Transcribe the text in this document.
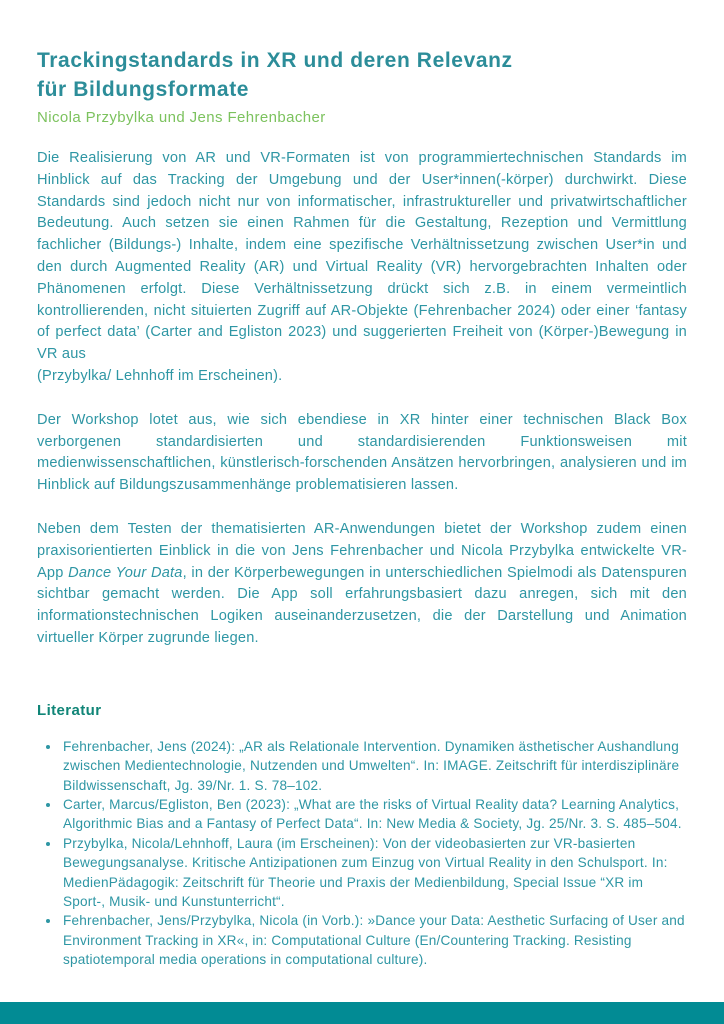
Trackingstandards in XR und deren Relevanz
für Bildungsformate
Nicola Przybylka und Jens Fehrenbacher

Die Realisierung von AR und VR-Formaten ist von programmiertechnischen Standards im Hinblick auf das Tracking der Umgebung und der User*innen(-körper) durchwirkt. Diese Standards sind jedoch nicht nur von informatischer, infrastruktureller und privatwirtschaftlicher Bedeutung. Auch setzen sie einen Rahmen für die Gestaltung, Rezeption und Vermittlung fachlicher (Bildungs-) Inhalte, indem eine spezifische Verhältnissetzung zwischen User*in und den durch Augmented Reality (AR) und Virtual Reality (VR) hervorgebrachten Inhalten oder Phänomenen erfolgt. Diese Verhältnissetzung drückt sich z.B. in einem vermeintlich kontrollierenden, nicht situierten Zugriff auf AR-Objekte (Fehrenbacher 2024) oder einer ‘fantasy of perfect data’ (Carter and Egliston 2023) und suggerierten Freiheit von (Körper-)Bewegung in VR aus
(Przybylka/ Lehnhoff im Erscheinen).

Der Workshop lotet aus, wie sich ebendiese in XR hinter einer technischen Black Box verborgenen standardisierten und standardisierenden Funktionsweisen mit medienwissenschaftlichen, künstlerisch-forschenden Ansätzen hervorbringen, analysieren und im Hinblick auf Bildungszusammenhänge problematisieren lassen.

Neben dem Testen der thematisierten AR-Anwendungen bietet der Workshop zudem einen praxisorientierten Einblick in die von Jens Fehrenbacher und Nicola Przybylka entwickelte VR-App Dance Your Data, in der Körperbewegungen in unterschiedlichen Spielmodi als Datenspuren sichtbar gemacht werden. Die App soll erfahrungsbasiert dazu anregen, sich mit den informationstechnischen Logiken auseinanderzusetzen, die der Darstellung und Animation virtueller Körper zugrunde liegen.

Literatur
• Fehrenbacher, Jens (2024): „AR als Relationale Intervention. Dynamiken ästhetischer Aushandlung zwischen Medientechnologie, Nutzenden und Umwelten“. In: IMAGE. Zeitschrift für interdisziplinäre Bildwissenschaft, Jg. 39/Nr. 1. S. 78–102.
• Carter, Marcus/Egliston, Ben (2023): „What are the risks of Virtual Reality data? Learning Analytics, Algorithmic Bias and a Fantasy of Perfect Data“. In: New Media & Society, Jg. 25/Nr. 3. S. 485–504.
• Przybylka, Nicola/Lehnhoff, Laura (im Erscheinen): Von der videobasierten zur VR-basierten Bewegungsanalyse. Kritische Antizipationen zum Einzug von Virtual Reality in den Schulsport. In: MedienPädagogik: Zeitschrift für Theorie und Praxis der Medienbildung, Special Issue “XR im Sport-, Musik- und Kunstunterricht“.
• Fehrenbacher, Jens/Przybylka, Nicola (in Vorb.): »Dance your Data: Aesthetic Surfacing of User and Environment Tracking in XR«, in: Computational Culture (En/Countering Tracking. Resisting spatiotemporal media operations in computational culture).
